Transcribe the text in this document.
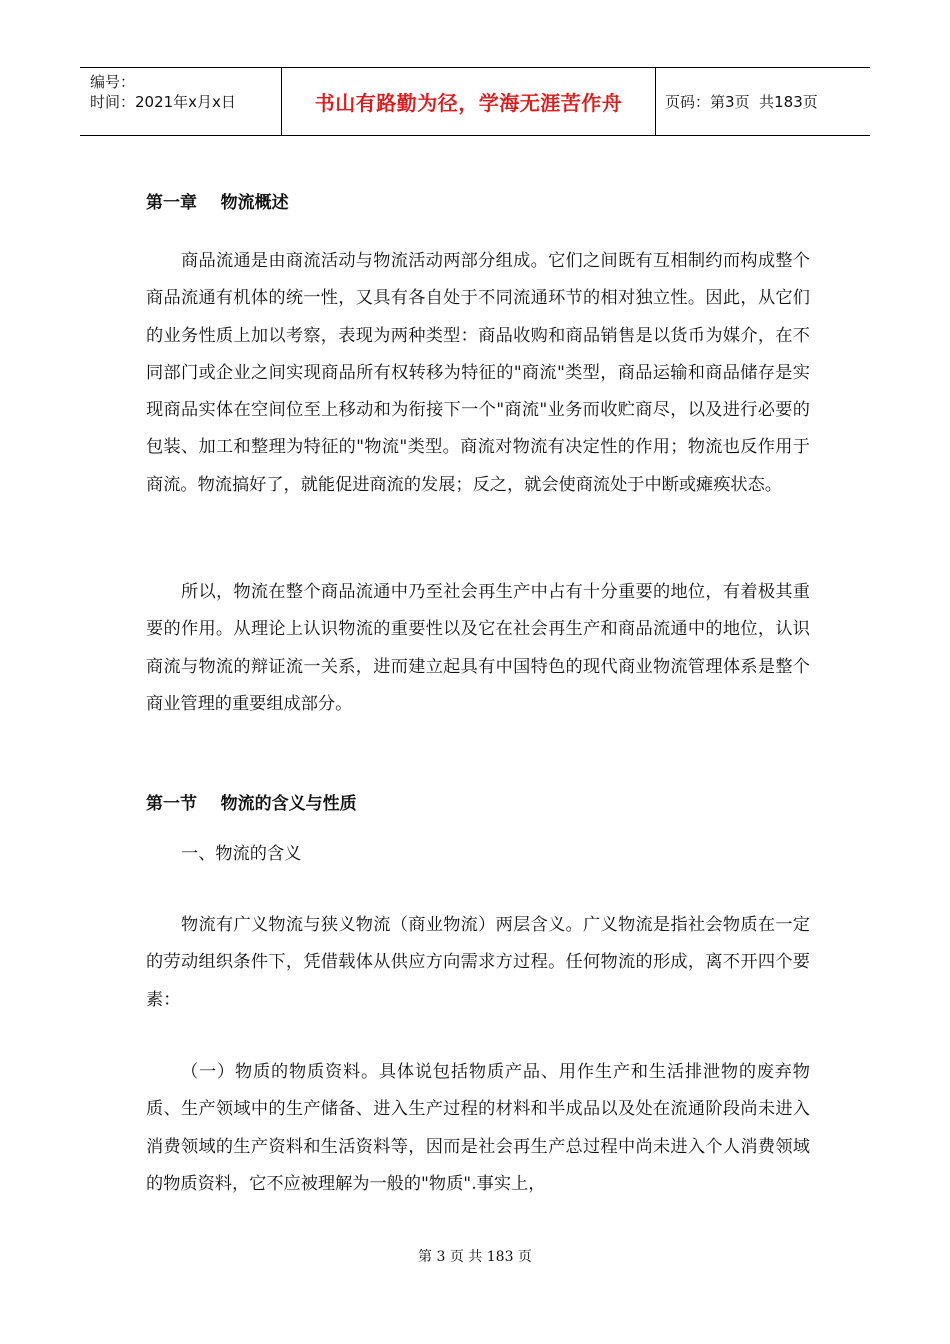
编号：
时间：2021年x月x日	书山有路勤为径，学海无涯苦作舟	页码：第 3 页  共 183 页
第一章    物流概述

商品流通是由商流活动与物流活动两部分组成。它们之间既有互相制约而构成整个商品流通有机体的统一性，又具有各自处于不同流通环节的相对独立性。因此，从它们的业务性质上加以考察，表现为两种类型：商品收购和商品销售是以货币为媒介，在不同部门或企业之间实现商品所有权转移为特征的"商流"类型，商品运输和商品储存是实现商品实体在空间位至上移动和为衔接下一个"商流"业务而收贮商尽，以及进行必要的包装、加工和整理为特征的"物流"类型。商流对物流有决定性的作用；物流也反作用于商流。物流搞好了，就能促进商流的发展；反之，就会使商流处于中断或瘫痪状态。

所以，物流在整个商品流通中乃至社会再生产中占有十分重要的地位，有着极其重要的作用。从理论上认识物流的重要性以及它在社会再生产和商品流通中的地位，认识商流与物流的辩证流一关系，进而建立起具有中国特色的现代商业物流管理体系是整个商业管理的重要组成部分。

第一节    物流的含义与性质

一、物流的含义

物流有广义物流与狭义物流（商业物流）两层含义。广义物流是指社会物质在一定的劳动组织条件下，凭借载体从供应方向需求方过程。任何物流的形成，离不开四个要素：

（一）物质的物质资料。具体说包括物质产品、用作生产和生活排泄物的废弃物质、生产领域中的生产储备、进入生产过程的材料和半成品以及处在流通阶段尚未进入消费领域的生产资料和生活资料等，因而是社会再生产总过程中尚未进入个人消费领域的物质资料，它不应被理解为一般的"物质".事实上，

第 3 页 共 183 页
